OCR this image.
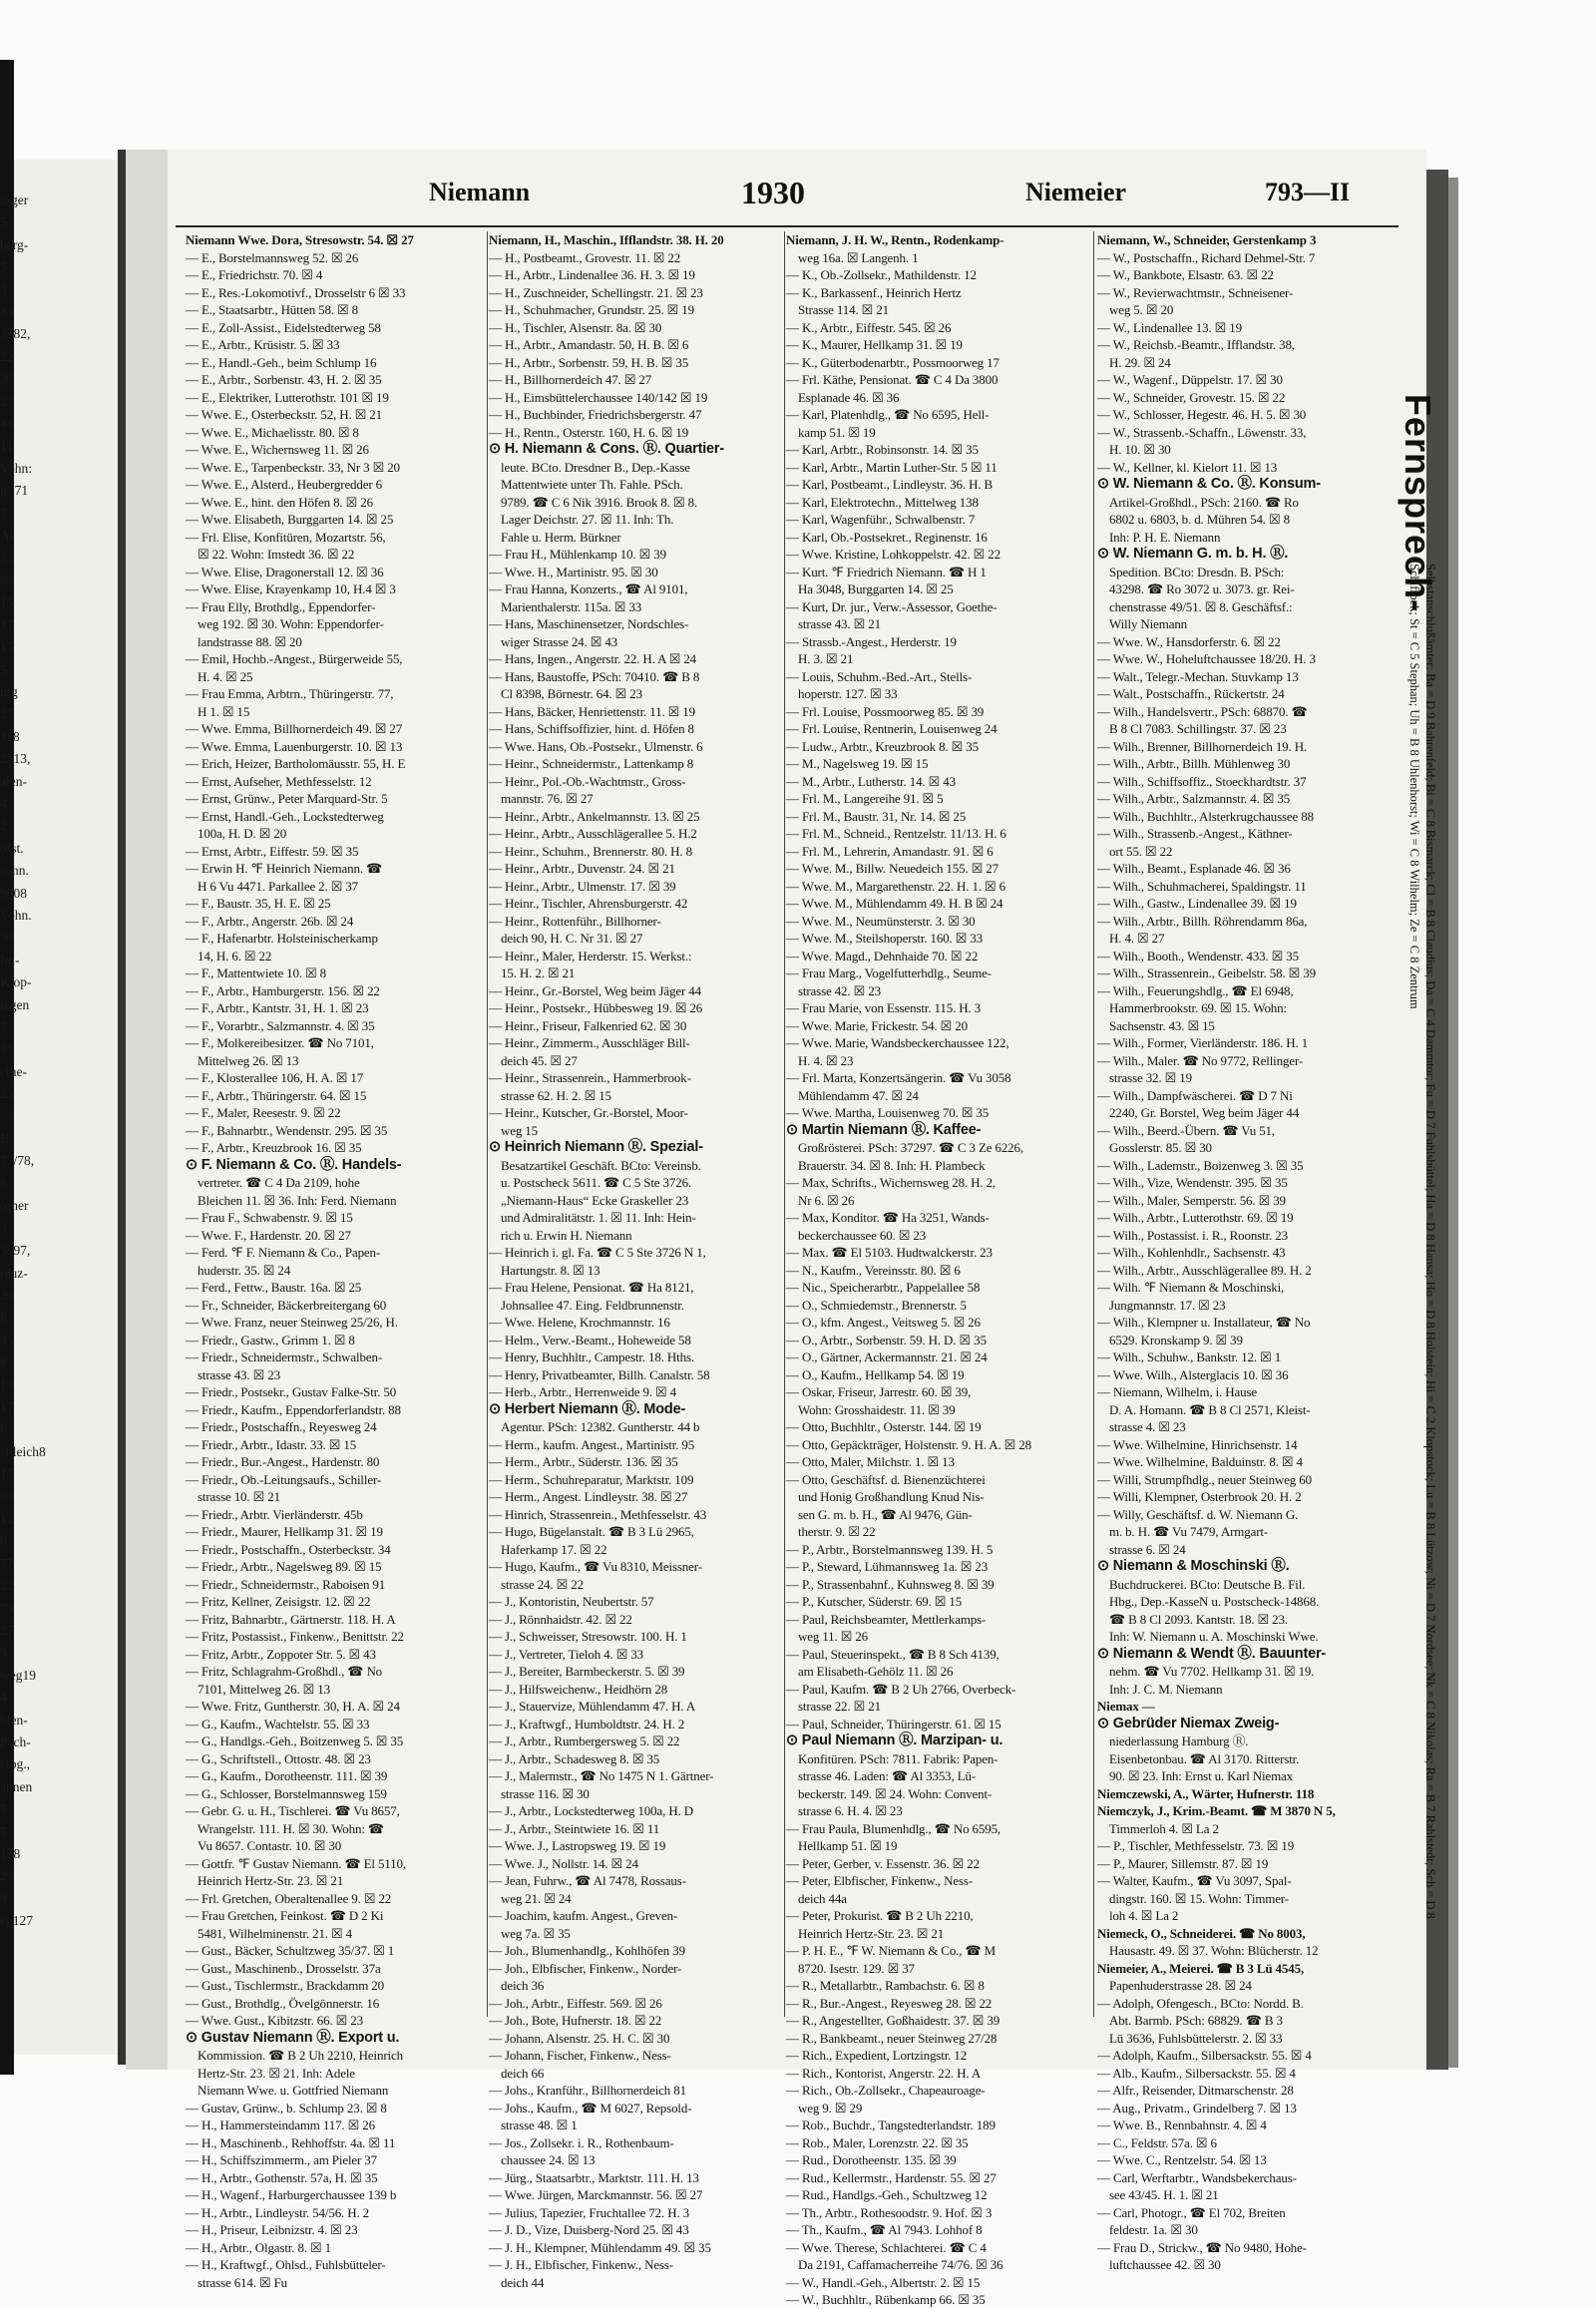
urger
5
berg-
5
3
33
3982,
22
30
23
48
11
Vohn:
ur 71
5
Al
33
39
15
17
15
5
urg
35
118
2513,
alen-
43
2
orst.
echn.
9008
Vohn.
30
Im-
Klop-
lagen
7
35
ethe-
25
60
H.
71/78,
8
orner
3
3897,
reuz-
20
8
35
8
19
17
6
chleich8
15
89
12
0
77
22
79
27
93
weg19
4
hlen-
Pech-
Hbg.,
annen
5
5
198
20
9
eg127
Niemann	1930	Niemeier	793—II
Niemann Wwe. Dora, Stresowstr. 54. ☒ 27
— E., Borstelmannsweg 52. ☒ 26
— E., Friedrichstr. 70. ☒ 4
— E., Res.-Lokomotivf., Drosselstr 6 ☒ 33
— E., Staatsarbtr., Hütten 58. ☒ 8
— E., Zoll-Assist., Eidelstedterweg 58
— E., Arbtr., Krüsistr. 5. ☒ 33
— E., Handl.-Geh., beim Schlump 16
— E., Arbtr., Sorbenstr. 43, H. 2. ☒ 35
— E., Elektriker, Lutterothstr. 101 ☒ 19
— Wwe. E., Osterbeckstr. 52, H. ☒ 21
— Wwe. E., Michaelisstr. 80. ☒ 8
— Wwe. E., Wichernsweg 11. ☒ 26
— Wwe. E., Tarpenbeckstr. 33, Nr 3 ☒ 20
— Wwe. E., Alsterd., Heubergredder 6
— Wwe. E., hint. den Höfen 8. ☒ 26
— Wwe. Elisabeth, Burggarten 14. ☒ 25
— Frl. Elise, Konfitüren, Mozartstr. 56,
☒ 22. Wohn: Imstedt 36. ☒ 22
— Wwe. Elise, Dragonerstall 12. ☒ 36
— Wwe. Elise, Krayenkamp 10, H.4 ☒ 3
— Frau Elly, Brothdlg., Eppendorfer-
weg 192. ☒ 30. Wohn: Eppendorfer-
landstrasse 88. ☒ 20
— Emil, Hochb.-Angest., Bürgerweide 55,
H. 4. ☒ 25
— Frau Emma, Arbtrn., Thüringerstr. 77,
H 1. ☒ 15
— Wwe. Emma, Billhornerdeich 49. ☒ 27
— Wwe. Emma, Lauenburgerstr. 10. ☒ 13
— Erich, Heizer, Bartholomäusstr. 55, H. E
— Ernst, Aufseher, Methfesselstr. 12
— Ernst, Grünw., Peter Marquard-Str. 5
— Ernst, Handl.-Geh., Lockstedterweg
100a, H. D. ☒ 20
— Ernst, Arbtr., Eiffestr. 59. ☒ 35
— Erwin H. ℉ Heinrich Niemann. ☎
H 6 Vu 4471. Parkallee 2. ☒ 37
— F., Baustr. 35, H. E. ☒ 25
— F., Arbtr., Angerstr. 26b. ☒ 24
— F., Hafenarbtr. Holsteinischerkamp
14, H. 6. ☒ 22
— F., Mattentwiete 10. ☒ 8
— F., Arbtr., Hamburgerstr. 156. ☒ 22
— F., Arbtr., Kantstr. 31, H. 1. ☒ 23
— F., Vorarbtr., Salzmannstr. 4. ☒ 35
— F., Molkereibesitzer. ☎ No 7101,
Mittelweg 26. ☒ 13
— F., Klosterallee 106, H. A. ☒ 17
— F., Arbtr., Thüringerstr. 64. ☒ 15
— F., Maler, Reesestr. 9. ☒ 22
— F., Bahnarbtr., Wendenstr. 295. ☒ 35
— F., Arbtr., Kreuzbrook 16. ☒ 35
⊙ F. Niemann & Co. Ⓡ. Handels-
vertreter. ☎ C 4 Da 2109, hohe
Bleichen 11. ☒ 36. Inh: Ferd. Niemann
— Frau F., Schwabenstr. 9. ☒ 15
— Wwe. F., Hardenstr. 20. ☒ 27
— Ferd. ℉ F. Niemann & Co., Papen-
huderstr. 35. ☒ 24
— Ferd., Fettw., Baustr. 16a. ☒ 25
— Fr., Schneider, Bäckerbreitergang 60
— Wwe. Franz, neuer Steinweg 25/26, H.
— Friedr., Gastw., Grimm 1. ☒ 8
— Friedr., Schneidermstr., Schwalben-
strasse 43. ☒ 23
— Friedr., Postsekr., Gustav Falke-Str. 50
— Friedr., Kaufm., Eppendorferlandstr. 88
— Friedr., Postschaffn., Reyesweg 24
— Friedr., Arbtr., Idastr. 33. ☒ 15
— Friedr., Bur.-Angest., Hardenstr. 80
— Friedr., Ob.-Leitungsaufs., Schiller-
strasse 10. ☒ 21
— Friedr., Arbtr. Vierländerstr. 45b
— Friedr., Maurer, Hellkamp 31. ☒ 19
— Friedr., Postschaffn., Osterbeckstr. 34
— Friedr., Arbtr., Nagelsweg 89. ☒ 15
— Friedr., Schneidermstr., Raboisen 91
— Fritz, Kellner, Zeisigstr. 12. ☒ 22
— Fritz, Bahnarbtr., Gärtnerstr. 118. H. A
— Fritz, Postassist., Finkenw., Benittstr. 22
— Fritz, Arbtr., Zoppoter Str. 5. ☒ 43
— Fritz, Schlagrahm-Großhdl., ☎ No
7101, Mittelweg 26. ☒ 13
— Wwe. Fritz, Guntherstr. 30, H. A. ☒ 24
— G., Kaufm., Wachtelstr. 55. ☒ 33
— G., Handlgs.-Geh., Boitzenweg 5. ☒ 35
— G., Schriftstell., Ottostr. 48. ☒ 23
— G., Kaufm., Dorotheenstr. 111. ☒ 39
— G., Schlosser, Borstelmannsweg 159
— Gebr. G. u. H., Tischlerei. ☎ Vu 8657,
Wrangelstr. 111. H. ☒ 30. Wohn: ☎
Vu 8657. Contastr. 10. ☒ 30
— Gottfr. ℉ Gustav Niemann. ☎ El 5110,
Heinrich Hertz-Str. 23. ☒ 21
— Frl. Gretchen, Oberaltenallee 9. ☒ 22
— Frau Gretchen, Feinkost. ☎ D 2 Ki
5481, Wilhelminenstr. 21. ☒ 4
— Gust., Bäcker, Schultzweg 35/37. ☒ 1
— Gust., Maschinenb., Drosselstr. 37a
— Gust., Tischlermstr., Brackdamm 20
— Gust., Brothdlg., Övelgönnerstr. 16
— Wwe. Gust., Kibitzstr. 66. ☒ 23
⊙ Gustav Niemann Ⓡ. Export u.
Kommission. ☎ B 2 Uh 2210, Heinrich
Hertz-Str. 23. ☒ 21. Inh: Adele
Niemann Wwe. u. Gottfried Niemann
— Gustav, Grünw., b. Schlump 23. ☒ 8
— H., Hammersteindamm 117. ☒ 26
— H., Maschinenb., Rehhoffstr. 4a. ☒ 11
— H., Schiffszimmerm., am Pieler 37
— H., Arbtr., Gothenstr. 57a, H. ☒ 35
— H., Wagenf., Harburgerchaussee 139 b
— H., Arbtr., Lindleystr. 54/56. H. 2
— H., Priseur, Leibnizstr. 4. ☒ 23
— H., Arbtr., Olgastr. 8. ☒ 1
— H., Kraftwgf., Ohlsd., Fuhlsbütteler-
strasse 614. ☒ Fu
Niemann, H., Maschin., Ifflandstr. 38. H. 20
— H., Postbeamt., Grovestr. 11. ☒ 22
— H., Arbtr., Lindenallee 36. H. 3. ☒ 19
— H., Zuschneider, Schellingstr. 21. ☒ 23
— H., Schuhmacher, Grundstr. 25. ☒ 19
— H., Tischler, Alsenstr. 8a. ☒ 30
— H., Arbtr., Amandastr. 50, H. B. ☒ 6
— H., Arbtr., Sorbenstr. 59, H. B. ☒ 35
— H., Billhornerdeich 47. ☒ 27
— H., Eimsbüttelerchaussee 140/142 ☒ 19
— H., Buchbinder, Friedrichsbergerstr. 47
— H., Rentn., Osterstr. 160, H. 6. ☒ 19
⊙ H. Niemann & Cons. Ⓡ. Quartier-
leute. BCto. Dresdner B., Dep.-Kasse
Mattentwiete unter Th. Fahle. PSch.
9789. ☎ C 6 Nik 3916. Brook 8. ☒ 8.
Lager Deichstr. 27. ☒ 11. Inh: Th.
Fahle u. Herm. Bürkner
— Frau H., Mühlenkamp 10. ☒ 39
— Wwe. H., Martinistr. 95. ☒ 30
— Frau Hanna, Konzerts., ☎ Al 9101,
Marienthalerstr. 115a. ☒ 33
— Hans, Maschinensetzer, Nordschles-
wiger Strasse 24. ☒ 43
— Hans, Ingen., Angerstr. 22. H. A ☒ 24
— Hans, Baustoffe, PSch: 70410. ☎ B 8
Cl 8398, Börnestr. 64. ☒ 23
— Hans, Bäcker, Henriettenstr. 11. ☒ 19
— Hans, Schiffsoffizier, hint. d. Höfen 8
— Wwe. Hans, Ob.-Postsekr., Ulmenstr. 6
— Heinr., Schneidermstr., Lattenkamp 8
— Heinr., Pol.-Ob.-Wachtmstr., Gross-
mannstr. 76. ☒ 27
— Heinr., Arbtr., Ankelmannstr. 13. ☒ 25
— Heinr., Arbtr., Ausschlägerallee 5. H.2
— Heinr., Schuhm., Brennerstr. 80. H. 8
— Heinr., Arbtr., Duvenstr. 24. ☒ 21
— Heinr., Arbtr., Ulmenstr. 17. ☒ 39
— Heinr., Tischler, Ahrensburgerstr. 42
— Heinr., Rottenführ., Billhorner-
deich 90, H. C. Nr 31. ☒ 27
— Heinr., Maler, Herderstr. 15. Werkst.:
15. H. 2. ☒ 21
— Heinr., Gr.-Borstel, Weg beim Jäger 44
— Heinr., Postsekr., Hübbesweg 19. ☒ 26
— Heinr., Friseur, Falkenried 62. ☒ 30
— Heinr., Zimmerm., Ausschläger Bill-
deich 45. ☒ 27
— Heinr., Strassenrein., Hammerbrook-
strasse 62. H. 2. ☒ 15
— Heinr., Kutscher, Gr.-Borstel, Moor-
weg 15
⊙ Heinrich Niemann Ⓡ. Spezial-
Besatzartikel Geschäft. BCto: Vereinsb.
u. Postscheck 5611. ☎ C 5 Ste 3726.
„Niemann-Haus“ Ecke Graskeller 23
und Admiralitätstr. 1. ☒ 11. Inh: Hein-
rich u. Erwin H. Niemann
— Heinrich i. gl. Fa. ☎ C 5 Ste 3726 N 1,
Hartungstr. 8. ☒ 13
— Frau Helene, Pensionat. ☎ Ha 8121,
Johnsallee 47. Eing. Feldbrunnenstr.
— Wwe. Helene, Krochmannstr. 16
— Helm., Verw.-Beamt., Hoheweide 58
— Henry, Buchhltr., Campestr. 18. Hths.
— Henry, Privatbeamter, Billh. Canalstr. 58
— Herb., Arbtr., Herrenweide 9. ☒ 4
⊙ Herbert Niemann Ⓡ. Mode-
Agentur. PSch: 12382. Guntherstr. 44 b
— Herm., kaufm. Angest., Martinistr. 95
— Herm., Arbtr., Süderstr. 136. ☒ 35
— Herm., Schuhreparatur, Marktstr. 109
— Herm., Angest. Lindleystr. 38. ☒ 27
— Hinrich, Strassenrein., Methfesselstr. 43
— Hugo, Bügelanstalt. ☎ B 3 Lü 2965,
Haferkamp 17. ☒ 22
— Hugo, Kaufm., ☎ Vu 8310, Meissner-
strasse 24. ☒ 22
— J., Kontoristin, Neubertstr. 57
— J., Rönnhaidstr. 42. ☒ 22
— J., Schweisser, Stresowstr. 100. H. 1
— J., Vertreter, Tieloh 4. ☒ 33
— J., Bereiter, Barmbeckerstr. 5. ☒ 39
— J., Hilfsweichenw., Heidhörn 28
— J., Stauervize, Mühlendamm 47. H. A
— J., Kraftwgf., Humboldtstr. 24. H. 2
— J., Arbtr., Rumbergersweg 5. ☒ 22
— J., Arbtr., Schadesweg 8. ☒ 35
— J., Malermstr., ☎ No 1475 N 1. Gärtner-
strasse 116. ☒ 30
— J., Arbtr., Lockstedterweg 100a, H. D
— J., Arbtr., Steintwiete 16. ☒ 11
— Wwe. J., Lastropsweg 19. ☒ 19
— Wwe. J., Nollstr. 14. ☒ 24
— Jean, Fuhrw., ☎ Al 7478, Rossaus-
weg 21. ☒ 24
— Joachim, kaufm. Angest., Greven-
weg 7a. ☒ 35
— Joh., Blumenhandlg., Kohlhöfen 39
— Joh., Elbfischer, Finkenw., Norder-
deich 36
— Joh., Arbtr., Eiffestr. 569. ☒ 26
— Joh., Bote, Hufnerstr. 18. ☒ 22
— Johann, Alsenstr. 25. H. C. ☒ 30
— Johann, Fischer, Finkenw., Ness-
deich 66
— Johs., Kranführ., Billhornerdeich 81
— Johs., Kaufm., ☎ M 6027, Repsold-
strasse 48. ☒ 1
— Jos., Zollsekr. i. R., Rothenbaum-
chaussee 24. ☒ 13
— Jürg., Staatsarbtr., Marktstr. 111. H. 13
— Wwe. Jürgen, Marckmannstr. 56. ☒ 27
— Julius, Tapezier, Fruchtallee 72. H. 3
— J. D., Vize, Duisberg-Nord 25. ☒ 43
— J. H., Klempner, Mühlendamm 49. ☒ 35
— J. H., Elbfischer, Finkenw., Ness-
deich 44
Niemann, J. H. W., Rentn., Rodenkamp-
weg 16a. ☒ Langenh. 1
— K., Ob.-Zollsekr., Mathildenstr. 12
— K., Barkassenf., Heinrich Hertz
Strasse 114. ☒ 21
— K., Arbtr., Eiffestr. 545. ☒ 26
— K., Maurer, Hellkamp 31. ☒ 19
— K., Güterbodenarbtr., Possmoorweg 17
— Frl. Käthe, Pensionat. ☎ C 4 Da 3800
Esplanade 46. ☒ 36
— Karl, Platenhdlg., ☎ No 6595, Hell-
kamp 51. ☒ 19
— Karl, Arbtr., Robinsonstr. 14. ☒ 35
— Karl, Arbtr., Martin Luther-Str. 5 ☒ 11
— Karl, Postbeamt., Lindleystr. 36. H. B
— Karl, Elektrotechn., Mittelweg 138
— Karl, Wagenführ., Schwalbenstr. 7
— Karl, Ob.-Postsekret., Reginenstr. 16
— Wwe. Kristine, Lohkoppelstr. 42. ☒ 22
— Kurt. ℉ Friedrich Niemann. ☎ H 1
Ha 3048, Burggarten 14. ☒ 25
— Kurt, Dr. jur., Verw.-Assessor, Goethe-
strasse 43. ☒ 21
— Strassb.-Angest., Herderstr. 19
H. 3. ☒ 21
— Louis, Schuhm.-Bed.-Art., Stells-
hoperstr. 127. ☒ 33
— Frl. Louise, Possmoorweg 85. ☒ 39
— Frl. Louise, Rentnerin, Louisenweg 24
— Ludw., Arbtr., Kreuzbrook 8. ☒ 35
— M., Nagelsweg 19. ☒ 15
— M., Arbtr., Lutherstr. 14. ☒ 43
— Frl. M., Langereihe 91. ☒ 5
— Frl. M., Baustr. 31, Nr. 14. ☒ 25
— Frl. M., Schneid., Rentzelstr. 11/13. H. 6
— Frl. M., Lehrerin, Amandastr. 91. ☒ 6
— Wwe. M., Billw. Neuedeich 155. ☒ 27
— Wwe. M., Margarethenstr. 22. H. 1. ☒ 6
— Wwe. M., Mühlendamm 49. H. B ☒ 24
— Wwe. M., Neumünsterstr. 3. ☒ 30
— Wwe. M., Steilshoperstr. 160. ☒ 33
— Wwe. Magd., Dehnhaide 70. ☒ 22
— Frau Marg., Vogelfutterhdlg., Seume-
strasse 42. ☒ 23
— Frau Marie, von Essenstr. 115. H. 3
— Wwe. Marie, Frickestr. 54. ☒ 20
— Wwe. Marie, Wandsbeckerchaussee 122,
H. 4. ☒ 23
— Frl. Marta, Konzertsängerin. ☎ Vu 3058
Mühlendamm 47. ☒ 24
— Wwe. Martha, Louisenweg 70. ☒ 35
⊙ Martin Niemann Ⓡ. Kaffee-
Großrösterei. PSch: 37297. ☎ C 3 Ze 6226,
Brauerstr. 34. ☒ 8. Inh: H. Plambeck
— Max, Schrifts., Wichernsweg 28. H. 2,
Nr 6. ☒ 26
— Max, Konditor. ☎ Ha 3251, Wands-
beckerchaussee 60. ☒ 23
— Max. ☎ El 5103. Hudtwalckerstr. 23
— N., Kaufm., Vereinsstr. 80. ☒ 6
— Nic., Speicherarbtr., Pappelallee 58
— O., Schmiedemstr., Brennerstr. 5
— O., kfm. Angest., Veitsweg 5. ☒ 26
— O., Arbtr., Sorbenstr. 59. H. D. ☒ 35
— O., Gärtner, Ackermannstr. 21. ☒ 24
— O., Kaufm., Hellkamp 54. ☒ 19
— Oskar, Friseur, Jarrestr. 60. ☒ 39,
Wohn: Grosshaidestr. 11. ☒ 39
— Otto, Buchhltr., Osterstr. 144. ☒ 19
— Otto, Gepäckträger, Holstenstr. 9. H. A. ☒ 28
— Otto, Maler, Milchstr. 1. ☒ 13
— Otto, Geschäftsf. d. Bienenzüchterei
und Honig Großhandlung Knud Nis-
sen G. m. b. H., ☎ Al 9476, Gün-
therstr. 9. ☒ 22
— P., Arbtr., Borstelmannsweg 139. H. 5
— P., Steward, Lühmannsweg 1a. ☒ 23
— P., Strassenbahnf., Kuhnsweg 8. ☒ 39
— P., Kutscher, Süderstr. 69. ☒ 15
— Paul, Reichsbeamter, Mettlerkamps-
weg 11. ☒ 26
— Paul, Steuerinspekt., ☎ B 8 Sch 4139,
am Elisabeth-Gehölz 11. ☒ 26
— Paul, Kaufm. ☎ B 2 Uh 2766, Overbeck-
strasse 22. ☒ 21
— Paul, Schneider, Thüringerstr. 61. ☒ 15
⊙ Paul Niemann Ⓡ. Marzipan- u.
Konfitüren. PSch: 7811. Fabrik: Papen-
strasse 46. Laden: ☎ Al 3353, Lü-
beckerstr. 149. ☒ 24. Wohn: Convent-
strasse 6. H. 4. ☒ 23
— Frau Paula, Blumenhdlg., ☎ No 6595,
Hellkamp 51. ☒ 19
— Peter, Gerber, v. Essenstr. 36. ☒ 22
— Peter, Elbfischer, Finkenw., Ness-
deich 44a
— Peter, Prokurist. ☎ B 2 Uh 2210,
Heinrich Hertz-Str. 23. ☒ 21
— P. H. E., ℉ W. Niemann & Co., ☎ M
8720. Isestr. 129. ☒ 37
— R., Metallarbtr., Rambachstr. 6. ☒ 8
— R., Bur.-Angest., Reyesweg 28. ☒ 22
— R., Angestellter, Goßhaidestr. 37. ☒ 39
— R., Bankbeamt., neuer Steinweg 27/28
— Rich., Expedient, Lortzingstr. 12
— Rich., Kontorist, Angerstr. 22. H. A
— Rich., Ob.-Zollsekr., Chapeauroage-
weg 9. ☒ 29
— Rob., Buchdr., Tangstedterlandstr. 189
— Rob., Maler, Lorenzstr. 22. ☒ 35
— Rud., Dorotheenstr. 135. ☒ 39
— Rud., Kellermstr., Hardenstr. 55. ☒ 27
— Rud., Handlgs.-Geh., Schultzweg 12
— Th., Arbtr., Rothesoodstr. 9. Hof. ☒ 3
— Th., Kaufm., ☎ Al 7943. Lohhof 8
— Wwe. Therese, Schlachterei. ☎ C 4
Da 2191, Caffamacherreihe 74/76. ☒ 36
— W., Handl.-Geh., Albertstr. 2. ☒ 15
— W., Buchhltr., Rübenkamp 66. ☒ 35
Niemann, W., Schneider, Gerstenkamp 3
— W., Postschaffn., Richard Dehmel-Str. 7
— W., Bankbote, Elsastr. 63. ☒ 22
— W., Revierwachtmstr., Schneisener-
weg 5. ☒ 20
— W., Lindenallee 13. ☒ 19
— W., Reichsb.-Beamtr., Ifflandstr. 38,
H. 29. ☒ 24
— W., Wagenf., Düppelstr. 17. ☒ 30
— W., Schneider, Grovestr. 15. ☒ 22
— W., Schlosser, Hegestr. 46. H. 5. ☒ 30
— W., Strassenb.-Schaffn., Löwenstr. 33,
H. 10. ☒ 30
— W., Kellner, kl. Kielort 11. ☒ 13
⊙ W. Niemann & Co. Ⓡ. Konsum-
Artikel-Großhdl., PSch: 2160. ☎ Ro
6802 u. 6803, b. d. Mühren 54. ☒ 8
Inh: P. H. E. Niemann
⊙ W. Niemann G. m. b. H. Ⓡ.
Spedition. BCto: Dresdn. B. PSch:
43298. ☎ Ro 3072 u. 3073. gr. Rei-
chenstrasse 49/51. ☒ 8. Geschäftsf.:
Willy Niemann
— Wwe. W., Hansdorferstr. 6. ☒ 22
— Wwe. W., Hoheluftchaussee 18/20. H. 3
— Walt., Telegr.-Mechan. Stuvkamp 13
— Walt., Postschaffn., Rückertstr. 24
— Wilh., Handelsvertr., PSch: 68870. ☎
B 8 Cl 7083. Schillingstr. 37. ☒ 23
— Wilh., Brenner, Billhornerdeich 19. H.
— Wilh., Arbtr., Billh. Mühlenweg 30
— Wilh., Schiffsoffiz., Stoeckhardtstr. 37
— Wilh., Arbtr., Salzmannstr. 4. ☒ 35
— Wilh., Buchhltr., Alsterkrugchaussee 88
— Wilh., Strassenb.-Angest., Käthner-
ort 55. ☒ 22
— Wilh., Beamt., Esplanade 46. ☒ 36
— Wilh., Schuhmacherei, Spaldingstr. 11
— Wilh., Gastw., Lindenallee 39. ☒ 19
— Wilh., Arbtr., Billh. Röhrendamm 86a,
H. 4. ☒ 27
— Wilh., Booth., Wendenstr. 433. ☒ 35
— Wilh., Strassenrein., Geibelstr. 58. ☒ 39
— Wilh., Feuerungshdlg., ☎ El 6948,
Hammerbrookstr. 69. ☒ 15. Wohn:
Sachsenstr. 43. ☒ 15
— Wilh., Former, Vierländerstr. 186. H. 1
— Wilh., Maler. ☎ No 9772, Rellinger-
strasse 32. ☒ 19
— Wilh., Dampfwäscherei. ☎ D 7 Ni
2240, Gr. Borstel, Weg beim Jäger 44
— Wilh., Beerd.-Übern. ☎ Vu 51,
Gosslerstr. 85. ☒ 30
— Wilh., Lademstr., Boizenweg 3. ☒ 35
— Wilh., Vize, Wendenstr. 395. ☒ 35
— Wilh., Maler, Semperstr. 56. ☒ 39
— Wilh., Arbtr., Lutterothstr. 69. ☒ 19
— Wilh., Postassist. i. R., Roonstr. 23
— Wilh., Kohlenhdlr., Sachsenstr. 43
— Wilh., Arbtr., Ausschlägerallee 89. H. 2
— Wilh. ℉ Niemann & Moschinski,
Jungmannstr. 17. ☒ 23
— Wilh., Klempner u. Installateur, ☎ No
6529. Kronskamp 9. ☒ 39
— Wilh., Schuhw., Bankstr. 12. ☒ 1
— Wwe. Wilh., Alsterglacis 10. ☒ 36
— Niemann, Wilhelm, i. Hause
D. A. Homann. ☎ B 8 Cl 2571, Kleist-
strasse 4. ☒ 23
— Wwe. Wilhelmine, Hinrichsenstr. 14
— Wwe. Wilhelmine, Balduinstr. 8. ☒ 4
— Willi, Strumpfhdlg., neuer Steinweg 60
— Willi, Klempner, Osterbrook 20. H. 2
— Willy, Geschäftsf. d. W. Niemann G.
m. b. H. ☎ Vu 7479, Armgart-
strasse 6. ☒ 24
⊙ Niemann & Moschinski Ⓡ.
Buchdruckerei. BCto: Deutsche B. Fil.
Hbg., Dep.-KasseN u. Postscheck-14868.
☎ B 8 Cl 2093. Kantstr. 18. ☒ 23.
Inh: W. Niemann u. A. Moschinski Wwe.
⊙ Niemann & Wendt Ⓡ. Bauunter-
nehm. ☎ Vu 7702. Hellkamp 31. ☒ 19.
Inh: J. C. M. Niemann
Niemax —
⊙ Gebrüder Niemax Zweig-
niederlassung Hamburg Ⓡ.
Eisenbetonbau. ☎ Al 3170. Ritterstr.
90. ☒ 23. Inh: Ernst u. Karl Niemax
Niemczewski, A., Wärter, Hufnerstr. 118
Niemczyk, J., Krim.-Beamt. ☎ M 3870 N 5,
Timmerloh 4. ☒ La 2
— P., Tischler, Methfesselstr. 73. ☒ 19
— P., Maurer, Sillemstr. 87. ☒ 19
— Walter, Kaufm., ☎ Vu 3097, Spal-
dingstr. 160. ☒ 15. Wohn: Timmer-
loh 4. ☒ La 2
Niemeck, O., Schneiderei. ☎ No 8003,
Hausastr. 49. ☒ 37. Wohn: Blücherstr. 12
Niemeier, A., Meierei. ☎ B 3 Lü 4545,
Papenhuderstrasse 28. ☒ 24
— Adolph, Ofengesch., BCto: Nordd. B.
Abt. Barmb. PSch: 68829. ☎ B 3
Lü 3636, Fuhlsbüttelerstr. 2. ☒ 33
— Adolph, Kaufm., Silbersackstr. 55. ☒ 4
— Alb., Kaufm., Silbersackstr. 55. ☒ 4
— Alfr., Reisender, Ditmarschenstr. 28
— Aug., Privatm., Grindelberg 7. ☒ 13
— Wwe. B., Rennbahnstr. 4. ☒ 4
— C., Feldstr. 57a. ☒ 6
— Wwe. C., Rentzelstr. 54. ☒ 13
— Carl, Werftarbtr., Wandsbekerchaus-
see 43/45. H. 1. ☒ 21
— Carl, Photogr., ☎ El 702, Breiten
feldestr. 1a. ☒ 30
— Frau D., Strickw., ☎ No 9480, Hohe-
luftchaussee 42. ☒ 30
Fernsprech-
Selbstanschlußämter: Ba = D 9 Bahrenfeld; Bi = C 8 Bismarck; Cl = B 8 Claudius; Da = C 4 Dammtor; Fu = D 7 Fuhlsbüttel; Ha = D 8 Hansa; Ho = D 8 Holstein; Hi = C 2 Klopstock; Lu = B 8 Lützow; Ni = D 7 Nordsee; Nk = C 8 Nikolas; Ra = B 7 Rahlstedt; Sch = D 8 Schiffbek; St = C 5 Stephan; Uh = B 8 Uhlenhorst; Wi = C 8 Wilhelm; Ze = C 8 Zentrum
